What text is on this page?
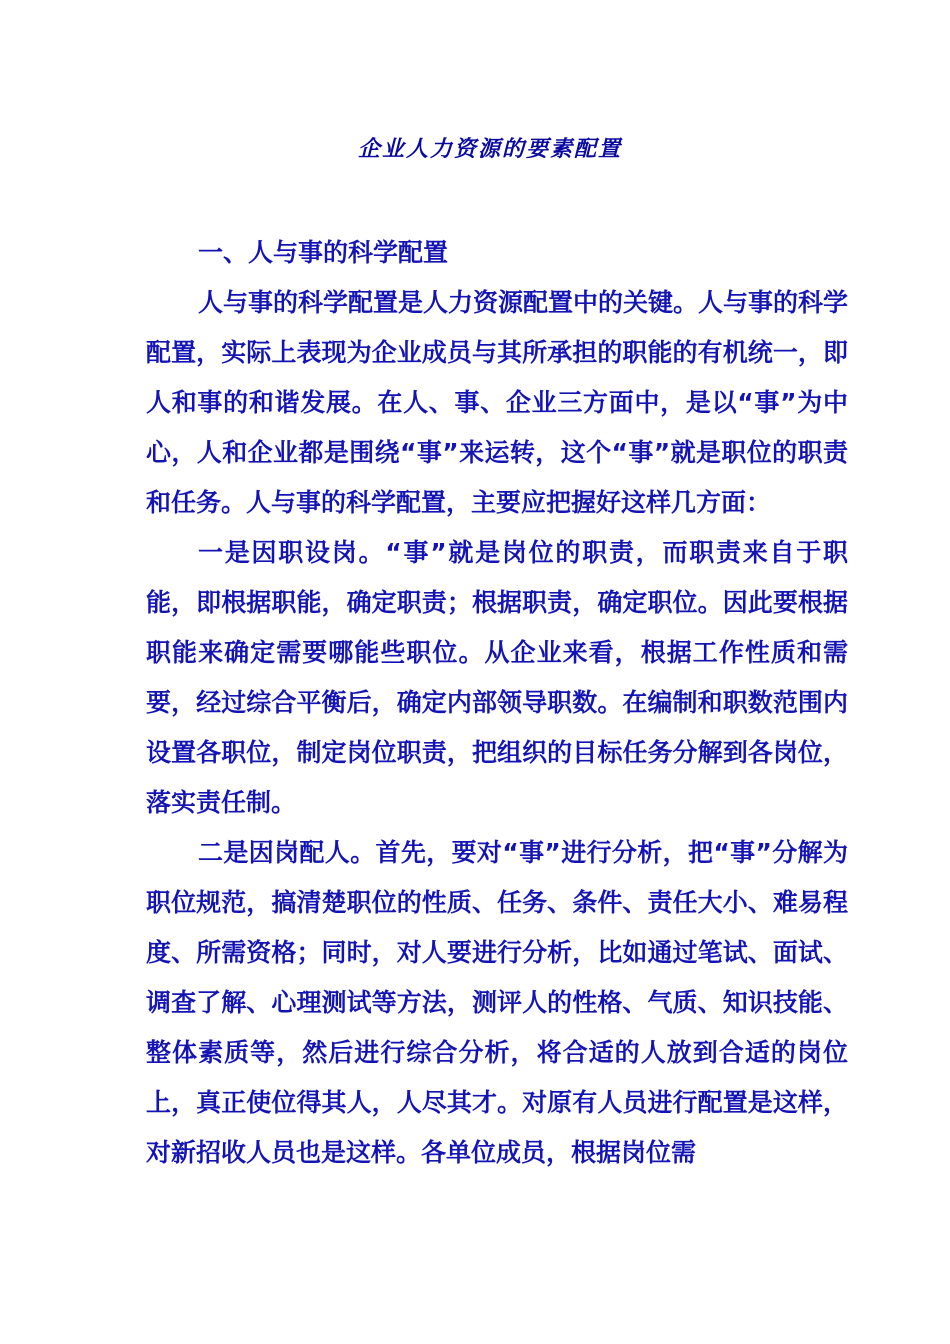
企业人力资源的要素配置

一、人与事的科学配置

人与事的科学配置是人力资源配置中的关键。人与事的科学配置，实际上表现为企业成员与其所承担的职能的有机统一，即人和事的和谐发展。在人、事、企业三方面中，是以“事”为中心，人和企业都是围绕“事”来运转，这个“事”就是职位的职责和任务。人与事的科学配置，主要应把握好这样几方面：

一是因职设岗。“事”就是岗位的职责，而职责来自于职能，即根据职能，确定职责；根据职责，确定职位。因此要根据职能来确定需要哪能些职位。从企业来看，根据工作性质和需要，经过综合平衡后，确定内部领导职数。在编制和职数范围内设置各职位，制定岗位职责，把组织的目标任务分解到各岗位，落实责任制。

二是因岗配人。首先，要对“事”进行分析，把“事”分解为职位规范，搞清楚职位的性质、任务、条件、责任大小、难易程度、所需资格；同时，对人要进行分析，比如通过笔试、面试、调查了解、心理测试等方法，测评人的性格、气质、知识技能、整体素质等，然后进行综合分析，将合适的人放到合适的岗位上，真正使位得其人，人尽其才。对原有人员进行配置是这样，对新招收人员也是这样。各单位成员，根据岗位需
